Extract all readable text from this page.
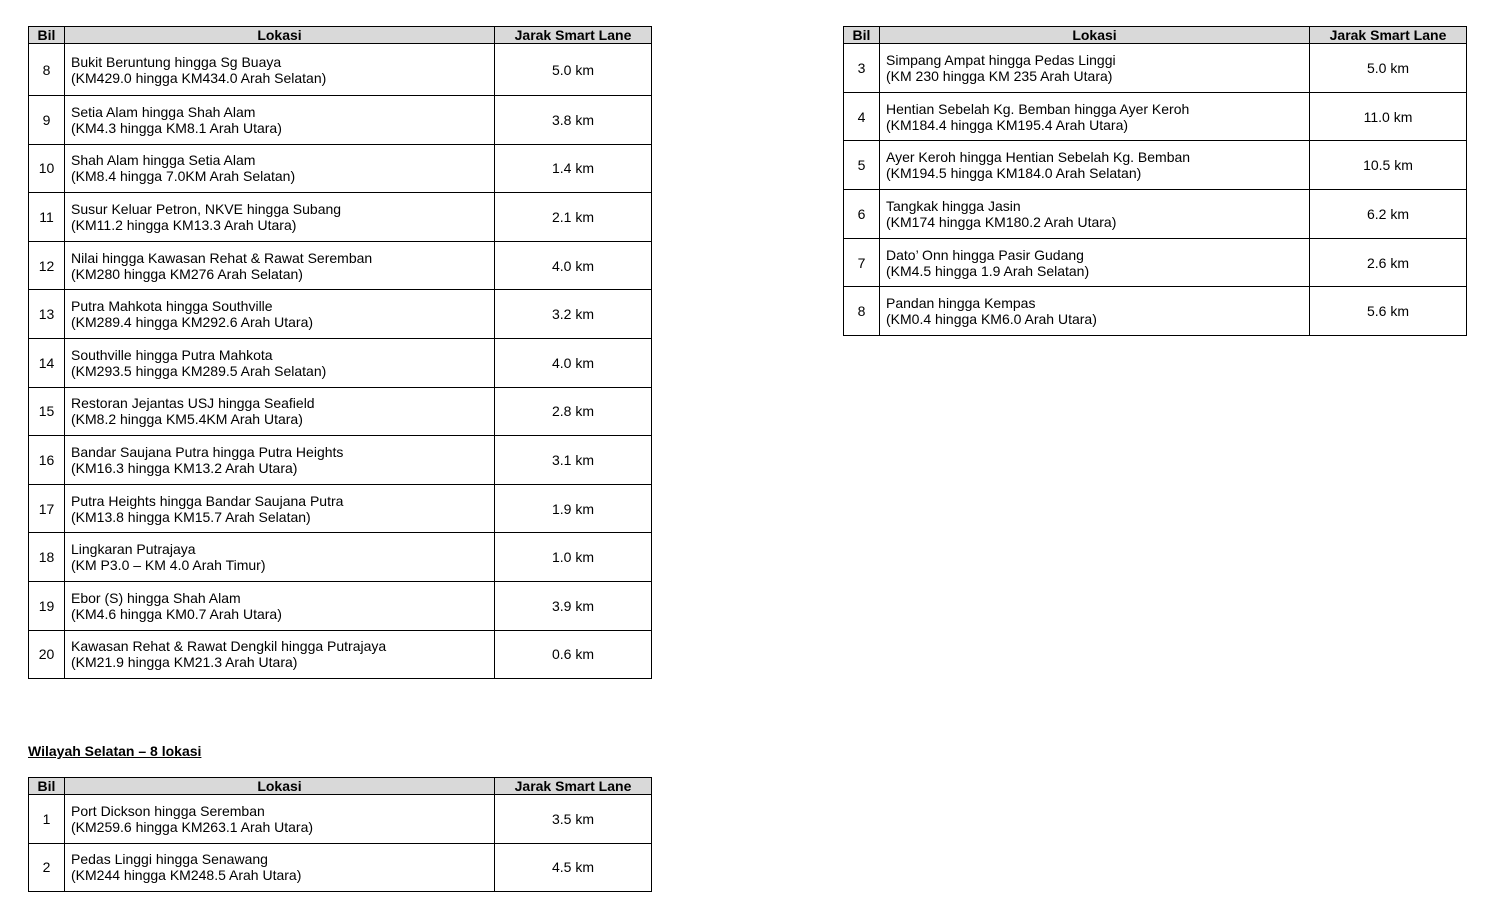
Bil	Lokasi	Jarak Smart Lane
8	Bukit Beruntung hingga Sg Buaya
(KM429.0 hingga KM434.0 Arah Selatan)	5.0 km
9	Setia Alam hingga Shah Alam
(KM4.3 hingga KM8.1 Arah Utara)	3.8 km
10	Shah Alam hingga Setia Alam
(KM8.4 hingga 7.0KM Arah Selatan)	1.4 km
11	Susur Keluar Petron, NKVE hingga Subang
(KM11.2 hingga KM13.3 Arah Utara)	2.1 km
12	Nilai hingga Kawasan Rehat & Rawat Seremban
(KM280 hingga KM276 Arah Selatan)	4.0 km
13	Putra Mahkota hingga Southville
(KM289.4 hingga KM292.6 Arah Utara)	3.2 km
14	Southville hingga Putra Mahkota
(KM293.5 hingga KM289.5 Arah Selatan)	4.0 km
15	Restoran Jejantas USJ hingga Seafield
(KM8.2 hingga KM5.4KM Arah Utara)	2.8 km
16	Bandar Saujana Putra hingga Putra Heights
(KM16.3 hingga KM13.2 Arah Utara)	3.1 km
17	Putra Heights hingga Bandar Saujana Putra
(KM13.8 hingga KM15.7 Arah Selatan)	1.9 km
18	Lingkaran Putrajaya
(KM P3.0 – KM 4.0 Arah Timur)	1.0 km
19	Ebor (S) hingga Shah Alam
(KM4.6 hingga KM0.7 Arah Utara)	3.9 km
20	Kawasan Rehat & Rawat Dengkil hingga Putrajaya
(KM21.9 hingga KM21.3 Arah Utara)	0.6 km
Wilayah Selatan – 8 lokasi
Bil	Lokasi	Jarak Smart Lane
1	Port Dickson hingga Seremban
(KM259.6 hingga KM263.1 Arah Utara)	3.5 km
2	Pedas Linggi hingga Senawang
(KM244 hingga KM248.5 Arah Utara)	4.5 km
Bil	Lokasi	Jarak Smart Lane
3	Simpang Ampat hingga Pedas Linggi
(KM 230 hingga KM 235 Arah Utara)	5.0 km
4	Hentian Sebelah Kg. Bemban hingga Ayer Keroh
(KM184.4 hingga KM195.4 Arah Utara)	11.0 km
5	Ayer Keroh hingga Hentian Sebelah Kg. Bemban
(KM194.5 hingga KM184.0 Arah Selatan)	10.5 km
6	Tangkak hingga Jasin
(KM174 hingga KM180.2 Arah Utara)	6.2 km
7	Dato’ Onn hingga Pasir Gudang
(KM4.5 hingga 1.9 Arah Selatan)	2.6 km
8	Pandan hingga Kempas
(KM0.4 hingga KM6.0 Arah Utara)	5.6 km
